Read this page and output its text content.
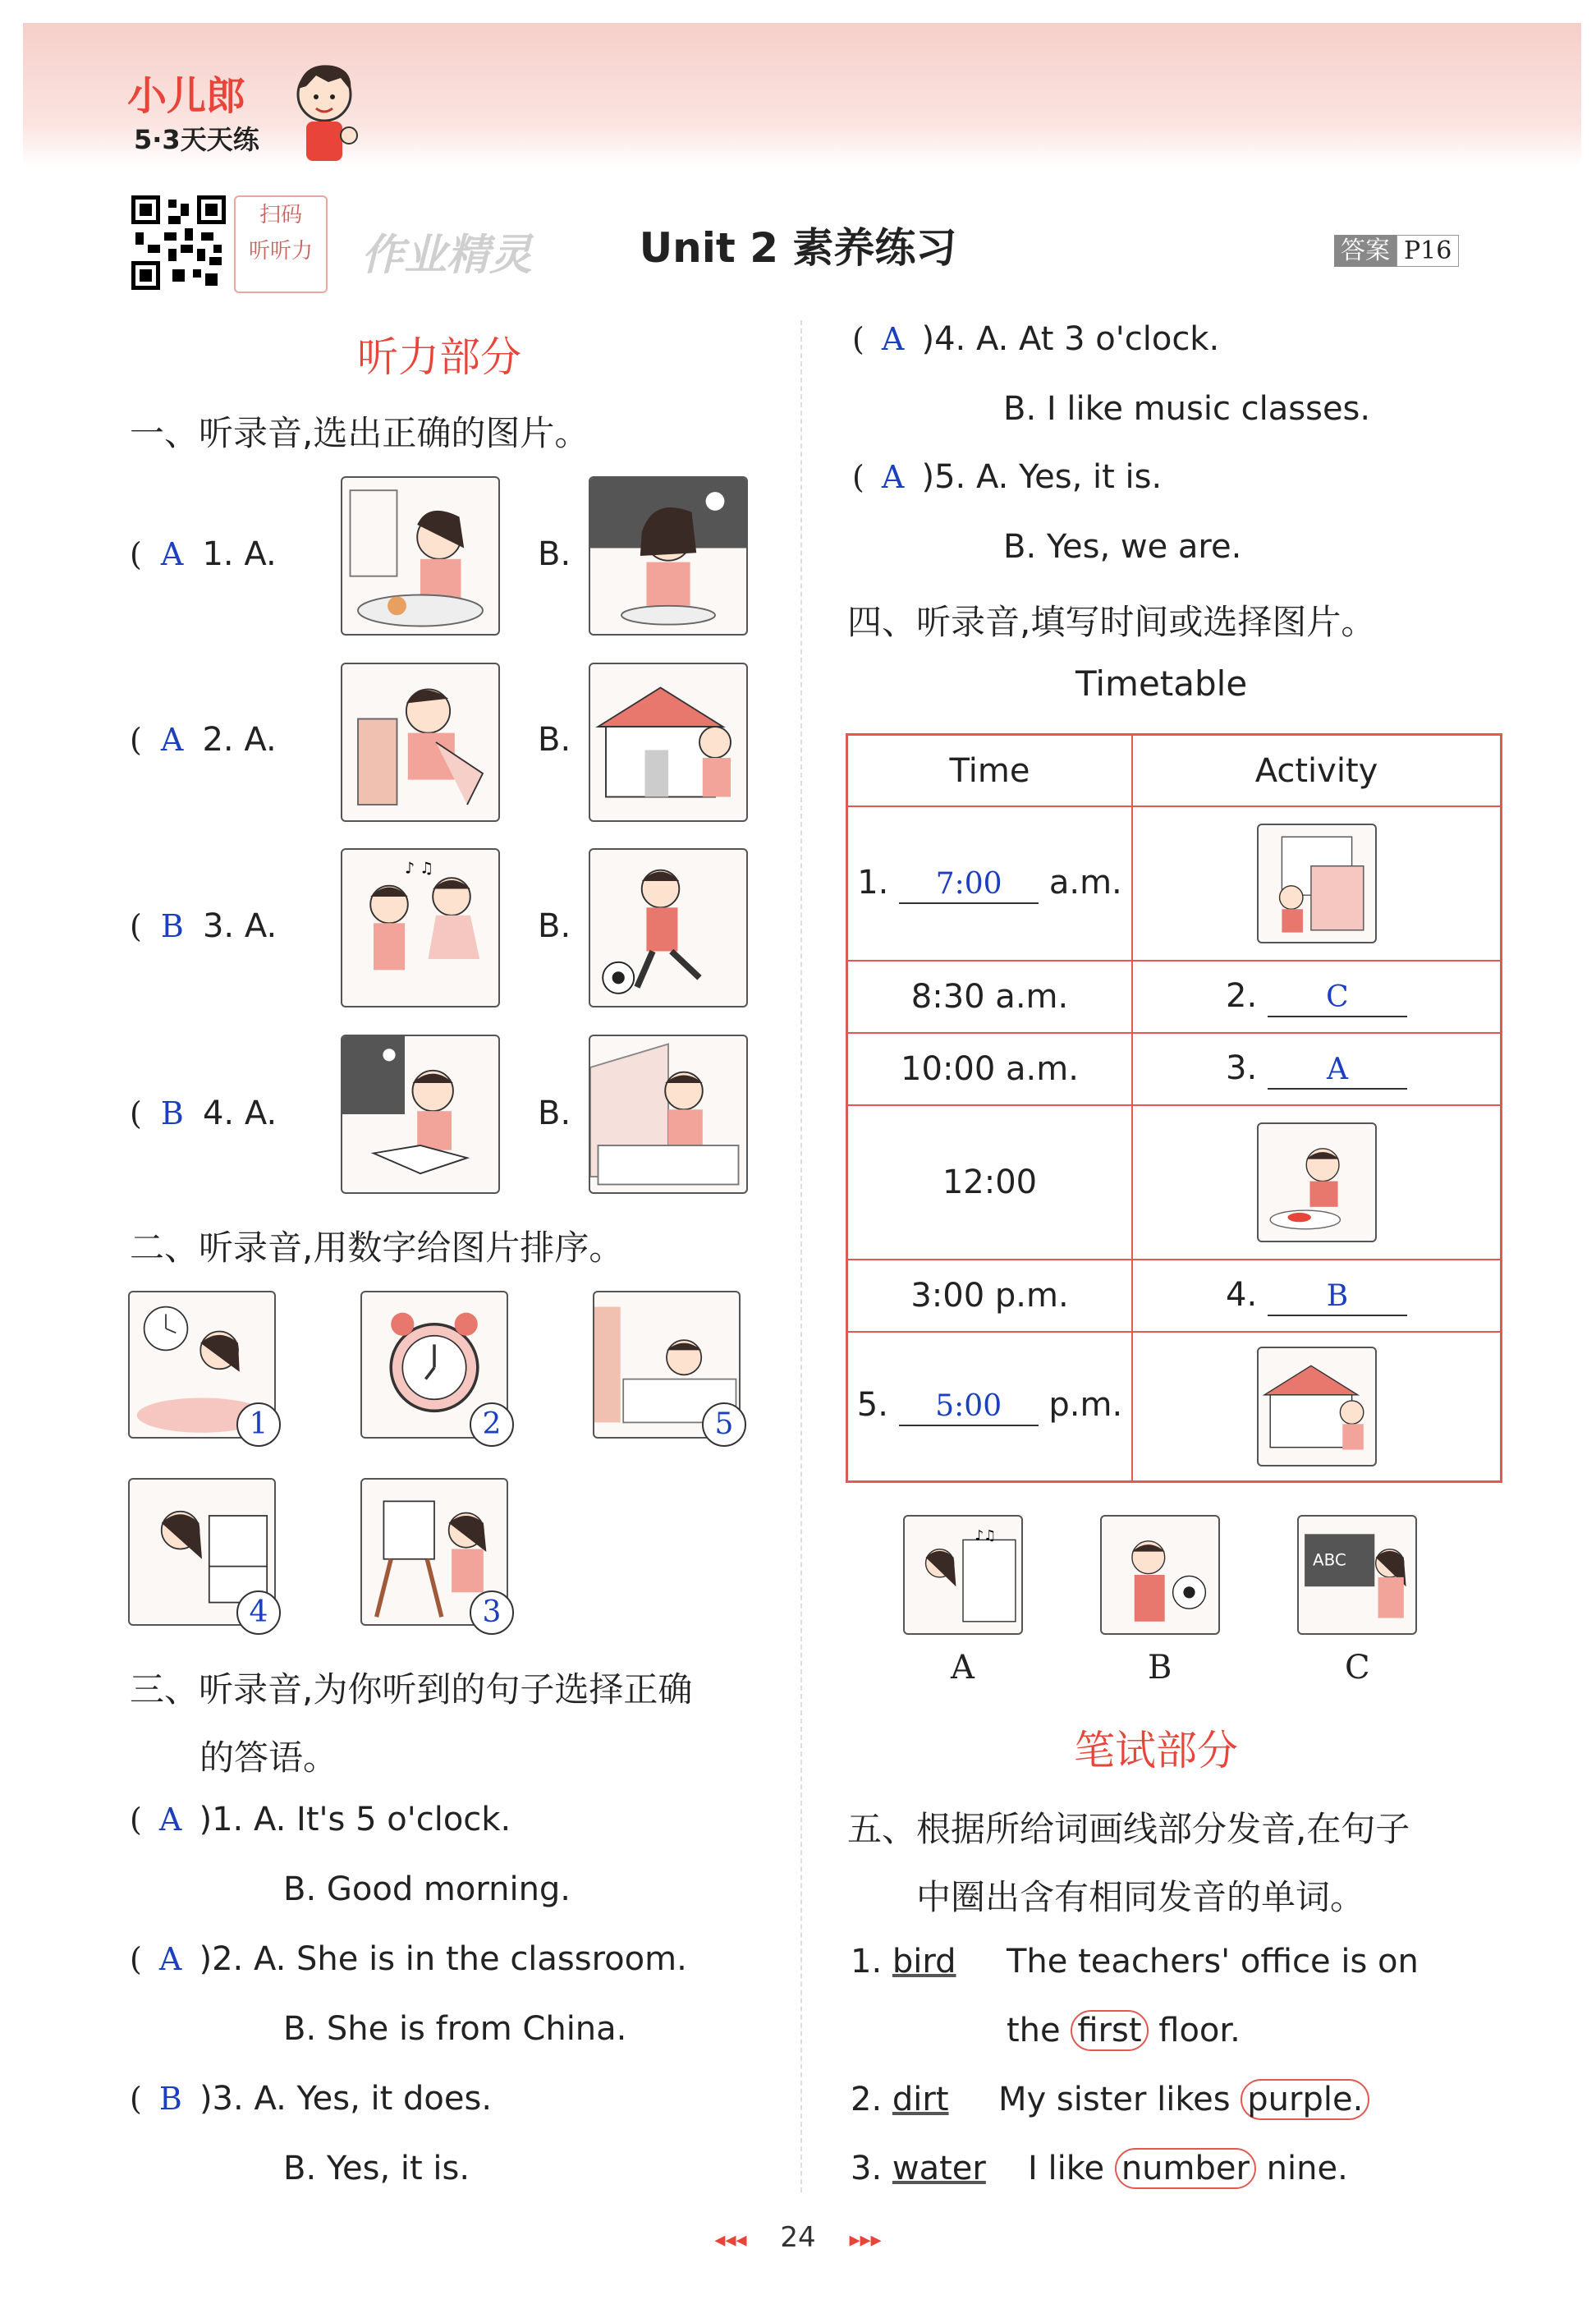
小儿郎
5·3天天练
扫码
听听力	作业精灵	Unit 2 素养练习	答案 P16
听力部分
一、听录音,选出正确的图片。
( A 1. A.	B.
( A 2. A.	B.
( B 3. A.	B.
( B 4. A.	B.
♪ ♫
二、听录音,用数字给图片排序。
1	2	5
4	3
三、听录音,为你听到的句子选择正确
的答语。
( A )1. A. It's 5 o'clock.
B. Good morning.
( A )2. A. She is in the classroom.
B. She is from China.
( B )3. A. Yes, it does.
B. Yes, it is.
( A )4. A. At 3 o'clock.
B. I like music classes.
( A )5. A. Yes, it is.
B. Yes, we are.
四、听录音,填写时间或选择图片。
Timetable
Time	Activity
1. 7:00 a.m.	

8:30 a.m.	2. C
10:00 a.m.	3. A
12:00	

3:00 p.m.	4. B
5. 5:00 p.m.	
♪♫
ABC
A	B	C
笔试部分
五、根据所给词画线部分发音,在句子
中圈出含有相同发音的单词。
1. bird The teachers' office is on
the first floor.
2. dirt My sister likes purple.
3. water I like number nine.
◂◂◂ 24 ▸▸▸
